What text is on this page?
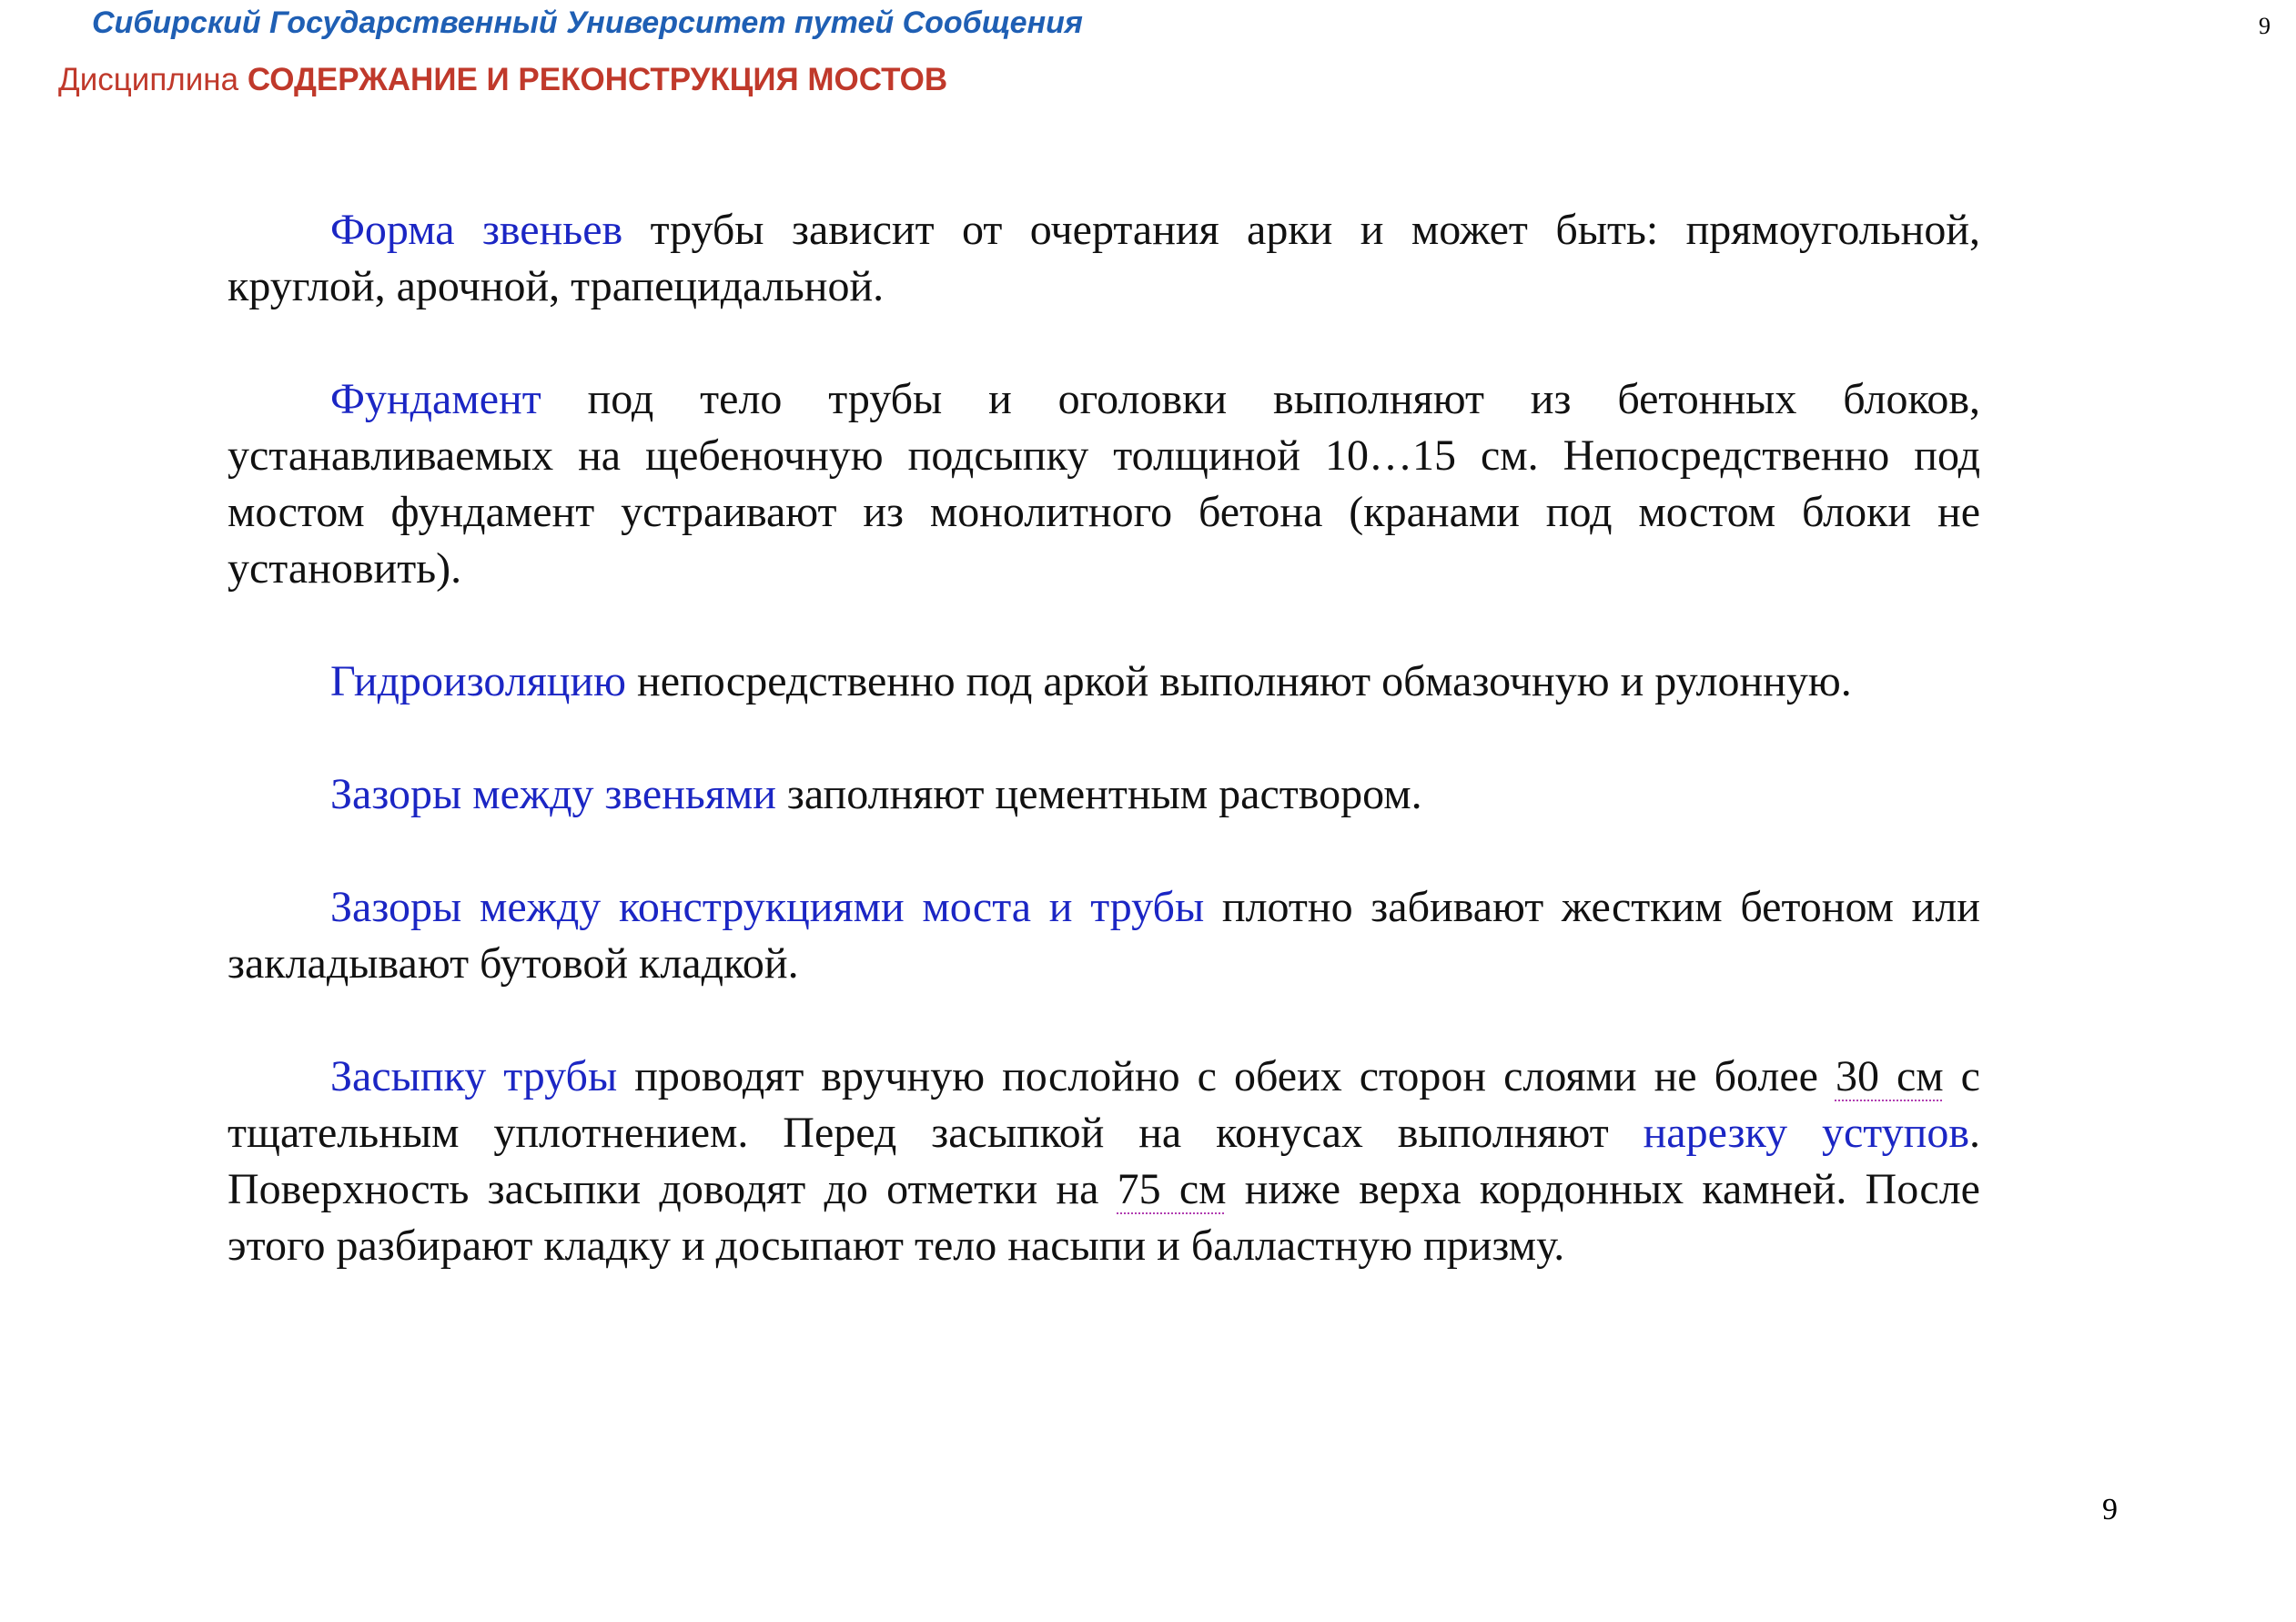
Сибирский Государственный Университет путей Сообщения	9
Дисциплина СОДЕРЖАНИЕ И РЕКОНСТРУКЦИЯ МОСТОВ

Форма звеньев трубы зависит от очертания арки и может быть: прямоугольной, круглой, арочной, трапецидальной.

Фундамент под тело трубы и оголовки выполняют из бетонных блоков, устанавливаемых на щебеночную подсыпку толщиной 10…15 см. Непосредственно под мостом фундамент устраивают из монолитного бетона (кранами под мостом блоки не установить).

Гидроизоляцию непосредственно под аркой выполняют обмазочную и рулонную.

Зазоры между звеньями заполняют цементным раствором.

Зазоры между конструкциями моста и трубы плотно забивают жестким бетоном или закладывают бутовой кладкой.

Засыпку трубы проводят вручную послойно с обеих сторон слоями не более 30 см с тщательным уплотнением. Перед засыпкой на конусах выполняют нарезку уступов. Поверхность засыпки доводят до отметки на 75 см ниже верха кордонных камней. После этого разбирают кладку и досыпают тело насыпи и балластную призму.

9
